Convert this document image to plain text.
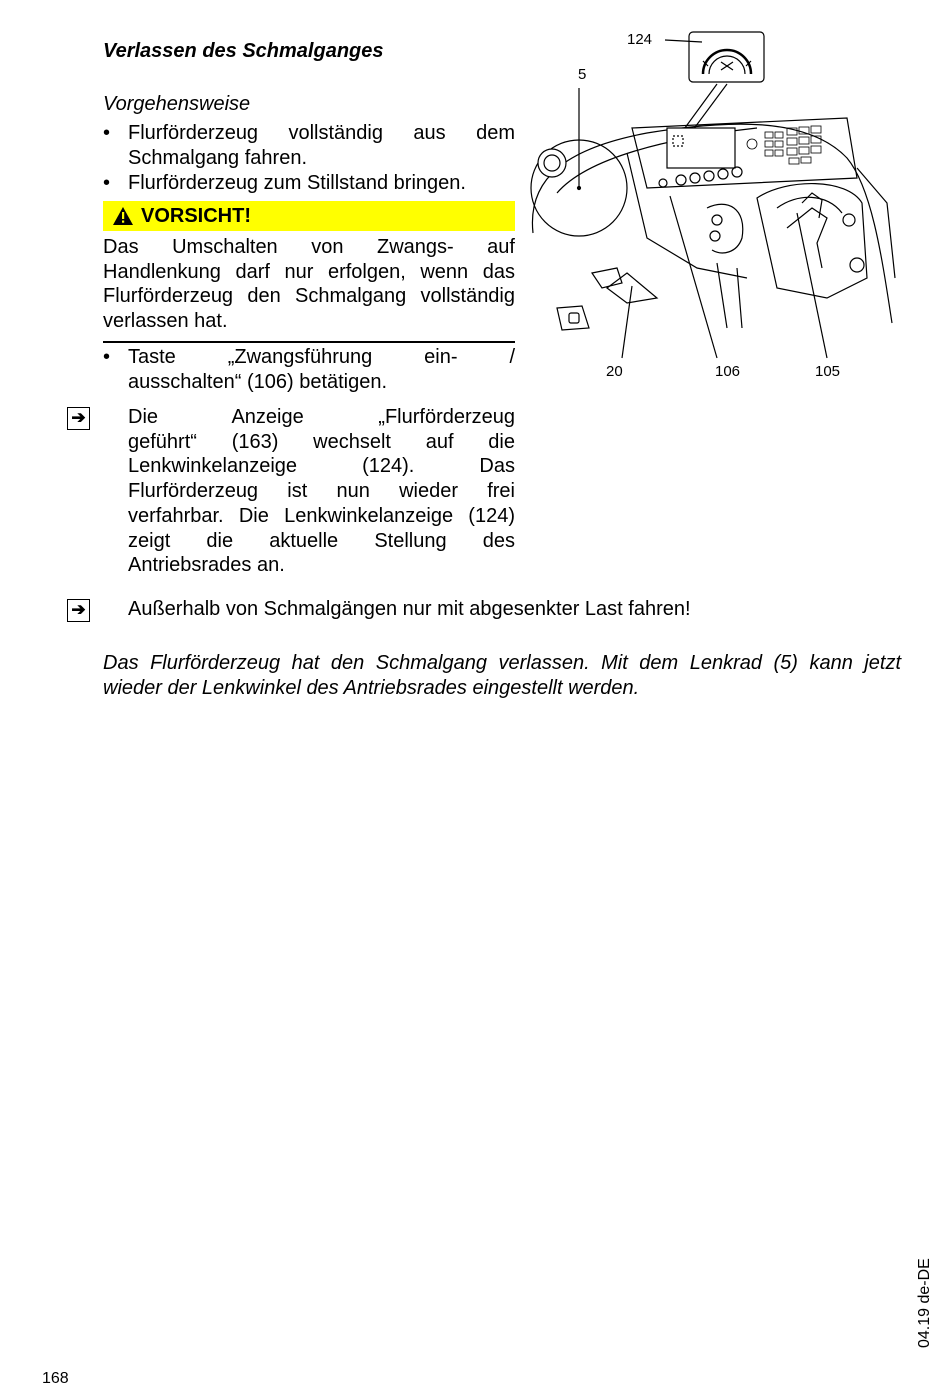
Verlassen des Schmalganges
Vorgehensweise
• Flurförderzeug vollständig aus dem
Schmalgang fahren.
• Flurförderzeug zum Stillstand bringen.
VORSICHT!
Das Umschalten von Zwangs- auf
Handlenkung darf nur erfolgen, wenn das
Flurförderzeug den Schmalgang vollständig
verlassen hat.
• Taste „Zwangsführung ein- /
ausschalten“ (106) betätigen.
➔ Die Anzeige „Flurförderzeug
geführt“ (163) wechselt auf die
Lenkwinkelanzeige (124). Das
Flurförderzeug ist nun wieder frei
verfahrbar. Die Lenkwinkelanzeige (124)
zeigt die aktuelle Stellung des
Antriebsrades an.
➔ Außerhalb von Schmalgängen nur mit abgesenkter Last fahren!
Das Flurförderzeug hat den Schmalgang verlassen. Mit dem Lenkrad (5) kann jetzt
wieder der Lenkwinkel des Antriebsrades eingestellt werden.
124
5
20	106	105
168
04.19 de-DE
